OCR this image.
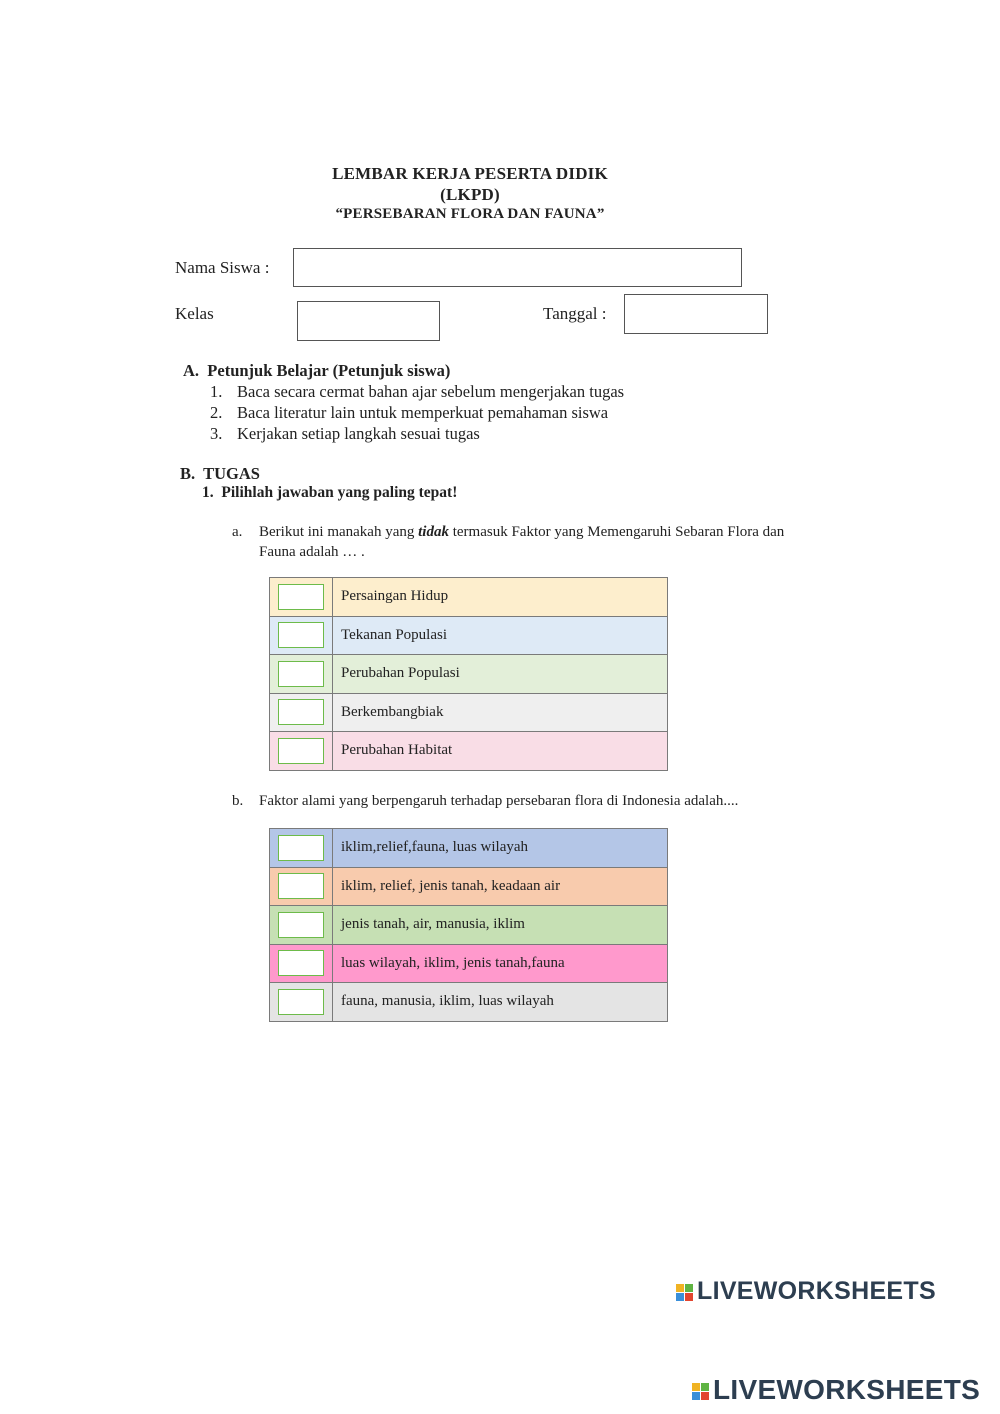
LEMBAR KERJA PESERTA DIDIK
(LKPD)
“PERSEBARAN FLORA DAN FAUNA”
Nama Siswa :
Kelas	Tanggal :
A.  Petunjuk Belajar (Petunjuk siswa)
1. Baca secara cermat bahan ajar sebelum mengerjakan tugas
2. Baca literatur lain untuk memperkuat pemahaman siswa
3. Kerjakan setiap langkah sesuai tugas
B.  TUGAS
1.  Pilihlah jawaban yang paling tepat!
a. Berikut ini manakah yang tidak termasuk Faktor yang Memengaruhi Sebaran Flora dan
Fauna adalah … .
	Persaingan Hidup
	Tekanan Populasi
	Perubahan Populasi
	Berkembangbiak
	Perubahan Habitat
b. Faktor alami yang berpengaruh terhadap persebaran flora di Indonesia adalah....
	iklim,relief,fauna, luas wilayah
	iklim, relief, jenis tanah, keadaan air
	jenis tanah, air, manusia, iklim
	luas wilayah, iklim, jenis tanah,fauna
	fauna, manusia, iklim, luas wilayah
LIVEWORKSHEETS
LIVEWORKSHEETS
